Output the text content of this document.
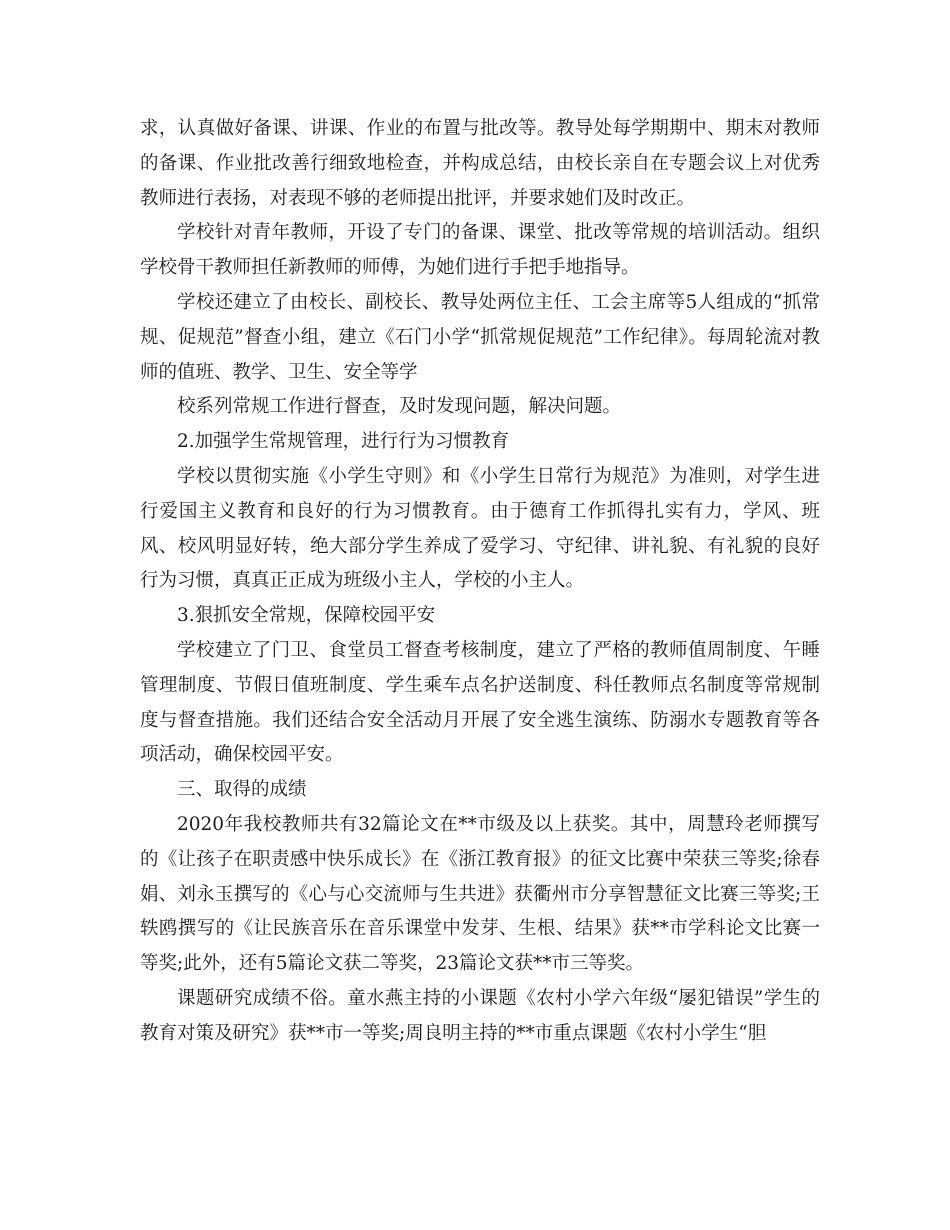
求，认真做好备课、讲课、作业的布置与批改等。教导处每学期期中、期末对教师的备课、作业批改善行细致地检查，并构成总结，由校长亲自在专题会议上对优秀教师进行表扬，对表现不够的老师提出批评，并要求她们及时改正。

学校针对青年教师，开设了专门的备课、课堂、批改等常规的培训活动。组织学校骨干教师担任新教师的师傅，为她们进行手把手地指导。

学校还建立了由校长、副校长、教导处两位主任、工会主席等5人组成的“抓常规、促规范”督查小组，建立《石门小学“抓常规促规范”工作纪律》。每周轮流对教师的值班、教学、卫生、安全等学

校系列常规工作进行督查，及时发现问题，解决问题。

2.加强学生常规管理，进行行为习惯教育

学校以贯彻实施《小学生守则》和《小学生日常行为规范》为准则，对学生进行爱国主义教育和良好的行为习惯教育。由于德育工作抓得扎实有力，学风、班风、校风明显好转，绝大部分学生养成了爱学习、守纪律、讲礼貌、有礼貌的良好行为习惯，真真正正成为班级小主人，学校的小主人。

3.狠抓安全常规，保障校园平安

学校建立了门卫、食堂员工督查考核制度，建立了严格的教师值周制度、午睡管理制度、节假日值班制度、学生乘车点名护送制度、科任教师点名制度等常规制度与督查措施。我们还结合安全活动月开展了安全逃生演练、防溺水专题教育等各项活动，确保校园平安。

三、取得的成绩

2020年我校教师共有32篇论文在**市级及以上获奖。其中，周慧玲老师撰写的《让孩子在职责感中快乐成长》在《浙江教育报》的征文比赛中荣获三等奖;徐春娟、刘永玉撰写的《心与心交流师与生共进》获衢州市分享智慧征文比赛三等奖;王轶鸥撰写的《让民族音乐在音乐课堂中发芽、生根、结果》获**市学科论文比赛一等奖;此外，还有5篇论文获二等奖，23篇论文获**市三等奖。

课题研究成绩不俗。童水燕主持的小课题《农村小学六年级“屡犯错误”学生的教育对策及研究》获**市一等奖;周良明主持的**市重点课题《农村小学生“胆
